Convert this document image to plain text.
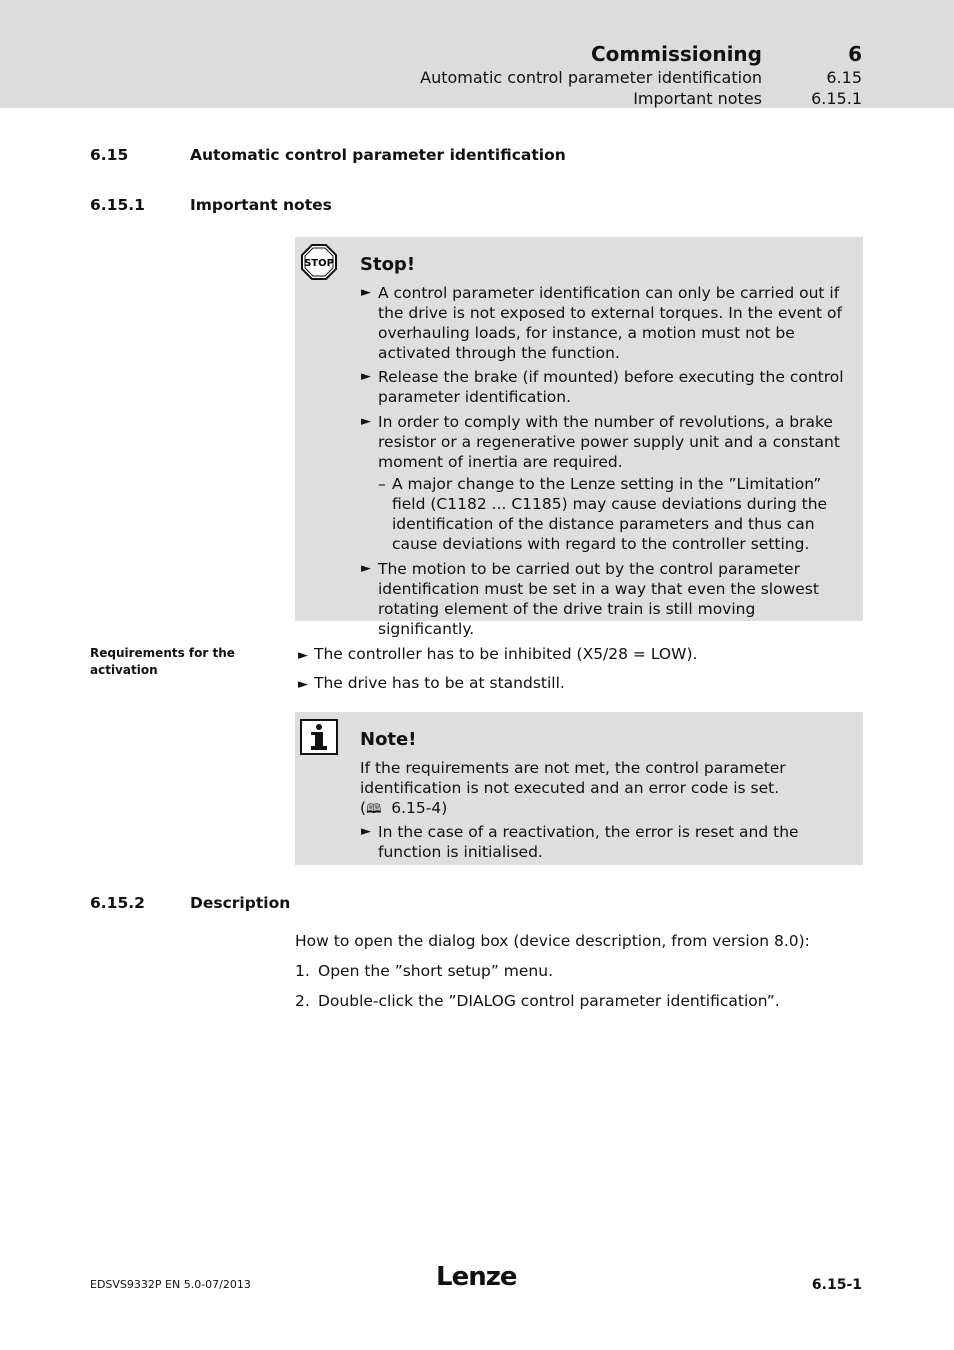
Commissioning	6
Automatic control parameter identification	6.15
Important notes	6.15.1
6.15	Automatic control parameter identification
6.15.1	Important notes
STOP Stop!
► A control parameter identification can only be carried out if the drive is not exposed to external torques. In the event of overhauling loads, for instance, a motion must not be activated through the function.
► Release the brake (if mounted) before executing the control parameter identification.
► In order to comply with the number of revolutions, a brake resistor or a regenerative power supply unit and a constant moment of inertia are required.
– A major change to the Lenze setting in the ”Limitation” field (C1182 ... C1185) may cause deviations during the identification of the distance parameters and thus can cause deviations with regard to the controller setting.
► The motion to be carried out by the control parameter identification must be set in a way that even the slowest rotating element of the drive train is still moving significantly.
Requirements for the activation
► The controller has to be inhibited (X5/28 = LOW).
► The drive has to be at standstill.
Note!
If the requirements are not met, the control parameter identification is not executed and an error code is set.
(🕮 6.15-4)
► In the case of a reactivation, the error is reset and the function is initialised.
6.15.2	Description
How to open the dialog box (device description, from version 8.0):
1. Open the ”short setup” menu.
2. Double-click the ”DIALOG control parameter identification”.
EDSVS9332P EN 5.0-07/2013	Lenze	6.15-1
